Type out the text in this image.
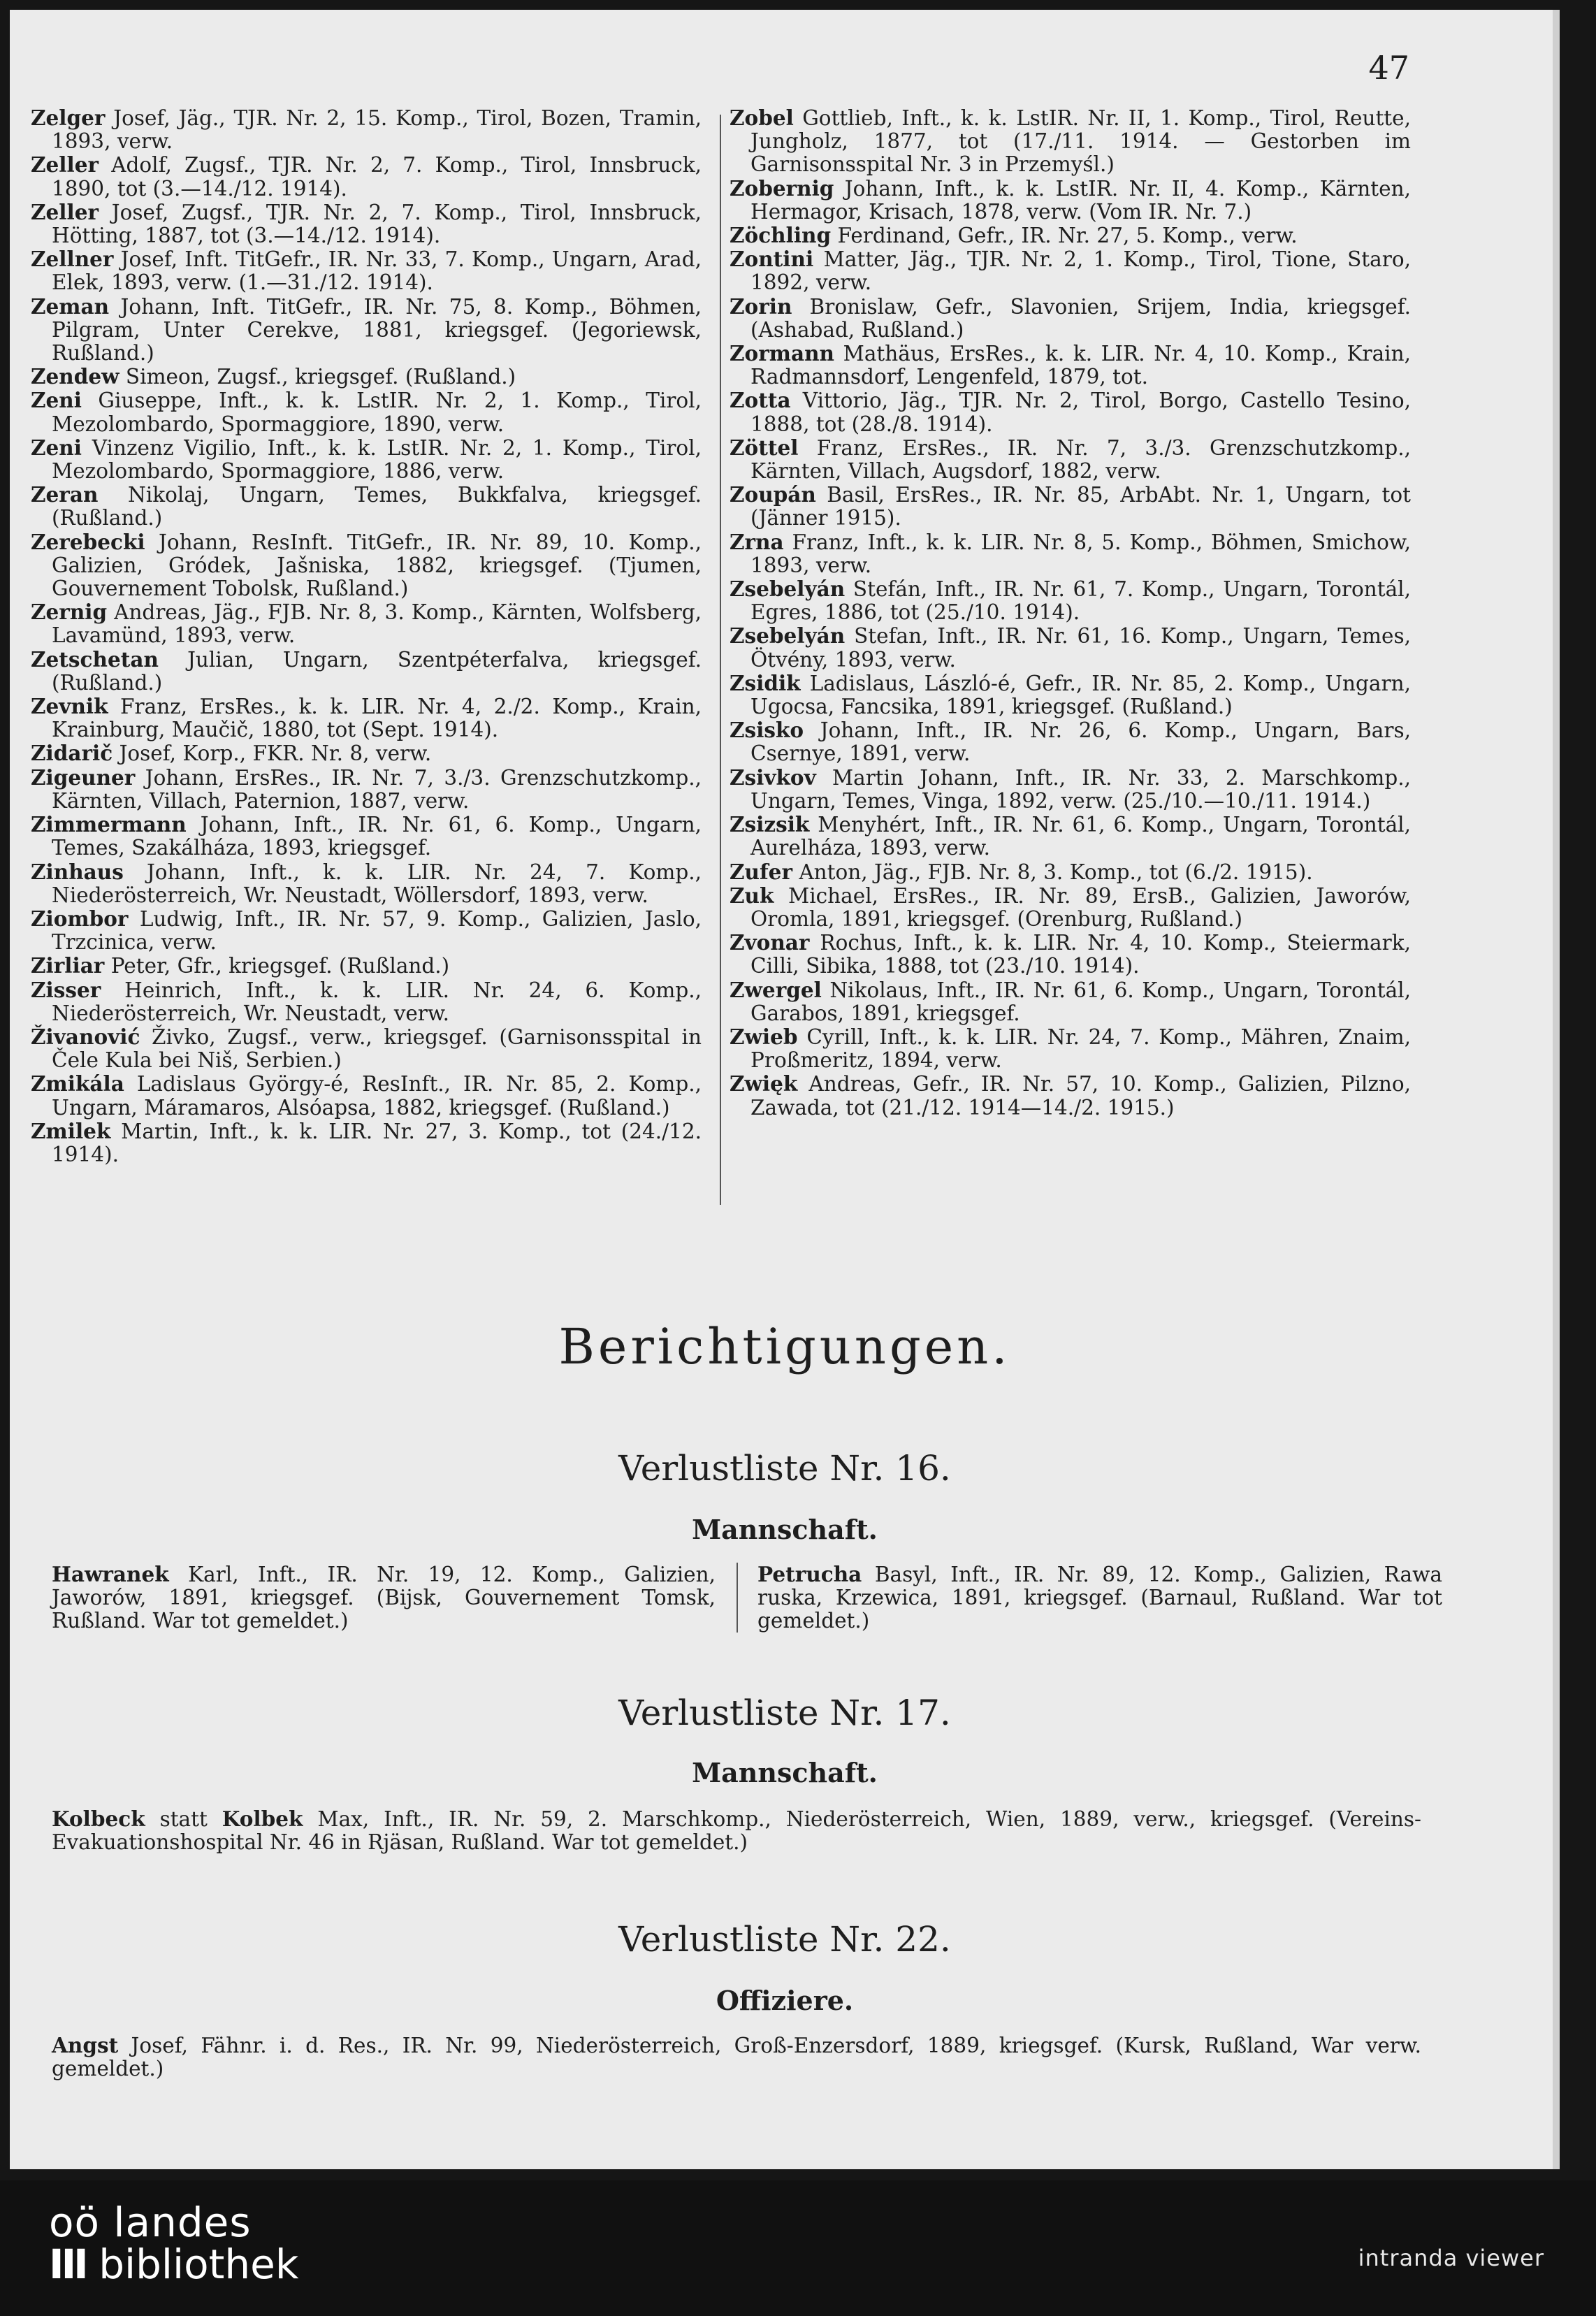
47

Zelger Josef, Jäg., TJR. Nr. 2, 15. Komp., Tirol, Bozen, Tramin, 1893, verw.

Zeller Adolf, Zugsf., TJR. Nr. 2, 7. Komp., Tirol, Innsbruck, 1890, tot (3.—14./12. 1914).

Zeller Josef, Zugsf., TJR. Nr. 2, 7. Komp., Tirol, Innsbruck, Hötting, 1887, tot (3.—14./12. 1914).

Zellner Josef, Inft. TitGefr., IR. Nr. 33, 7. Komp., Ungarn, Arad, Elek, 1893, verw. (1.—31./12. 1914).

Zeman Johann, Inft. TitGefr., IR. Nr. 75, 8. Komp., Böhmen, Pilgram, Unter Cerekve, 1881, kriegsgef. (Jegoriewsk, Rußland.)

Zendew Simeon, Zugsf., kriegsgef. (Rußland.)

Zeni Giuseppe, Inft., k. k. LstIR. Nr. 2, 1. Komp., Tirol, Mezolombardo, Spormaggiore, 1890, verw.

Zeni Vinzenz Vigilio, Inft., k. k. LstIR. Nr. 2, 1. Komp., Tirol, Mezolombardo, Spormaggiore, 1886, verw.

Zeran Nikolaj, Ungarn, Temes, Bukkfalva, kriegsgef. (Rußland.)

Zerebecki Johann, ResInft. TitGefr., IR. Nr. 89, 10. Komp., Galizien, Gródek, Jašniska, 1882, kriegsgef. (Tjumen, Gouvernement Tobolsk, Rußland.)

Zernig Andreas, Jäg., FJB. Nr. 8, 3. Komp., Kärnten, Wolfsberg, Lavamünd, 1893, verw.

Zetschetan Julian, Ungarn, Szentpéterfalva, kriegsgef. (Rußland.)

Zevnik Franz, ErsRes., k. k. LIR. Nr. 4, 2./2. Komp., Krain, Krainburg, Maučič, 1880, tot (Sept. 1914).

Zidarič Josef, Korp., FKR. Nr. 8, verw.

Zigeuner Johann, ErsRes., IR. Nr. 7, 3./3. Grenzschutzkomp., Kärnten, Villach, Paternion, 1887, verw.

Zimmermann Johann, Inft., IR. Nr. 61, 6. Komp., Ungarn, Temes, Szakálháza, 1893, kriegsgef.

Zinhaus Johann, Inft., k. k. LIR. Nr. 24, 7. Komp., Niederösterreich, Wr. Neustadt, Wöllersdorf, 1893, verw.

Ziombor Ludwig, Inft., IR. Nr. 57, 9. Komp., Galizien, Jaslo, Trzcinica, verw.

Zirliar Peter, Gfr., kriegsgef. (Rußland.)

Zisser Heinrich, Inft., k. k. LIR. Nr. 24, 6. Komp., Niederösterreich, Wr. Neustadt, verw.

Živanović Živko, Zugsf., verw., kriegsgef. (Garnisonsspital in Čele Kula bei Niš, Serbien.)

Zmikála Ladislaus György-é, ResInft., IR. Nr. 85, 2. Komp., Ungarn, Máramaros, Alsóapsa, 1882, kriegsgef. (Rußland.)

Zmilek Martin, Inft., k. k. LIR. Nr. 27, 3. Komp., tot (24./12. 1914).

Zobel Gottlieb, Inft., k. k. LstIR. Nr. II, 1. Komp., Tirol, Reutte, Jungholz, 1877, tot (17./11. 1914. — Gestorben im Garnisonsspital Nr. 3 in Przemyśl.)

Zobernig Johann, Inft., k. k. LstIR. Nr. II, 4. Komp., Kärnten, Hermagor, Krisach, 1878, verw. (Vom IR. Nr. 7.)

Zöchling Ferdinand, Gefr., IR. Nr. 27, 5. Komp., verw.

Zontini Matter, Jäg., TJR. Nr. 2, 1. Komp., Tirol, Tione, Staro, 1892, verw.

Zorin Bronislaw, Gefr., Slavonien, Srijem, India, kriegsgef. (Ashabad, Rußland.)

Zormann Mathäus, ErsRes., k. k. LIR. Nr. 4, 10. Komp., Krain, Radmannsdorf, Lengenfeld, 1879, tot.

Zotta Vittorio, Jäg., TJR. Nr. 2, Tirol, Borgo, Castello Tesino, 1888, tot (28./8. 1914).

Zöttel Franz, ErsRes., IR. Nr. 7, 3./3. Grenzschutzkomp., Kärnten, Villach, Augsdorf, 1882, verw.

Zoupán Basil, ErsRes., IR. Nr. 85, ArbAbt. Nr. 1, Ungarn, tot (Jänner 1915).

Zrna Franz, Inft., k. k. LIR. Nr. 8, 5. Komp., Böhmen, Smichow, 1893, verw.

Zsebelyán Stefán, Inft., IR. Nr. 61, 7. Komp., Ungarn, Torontál, Egres, 1886, tot (25./10. 1914).

Zsebelyán Stefan, Inft., IR. Nr. 61, 16. Komp., Ungarn, Temes, Ötvény, 1893, verw.

Zsidik Ladislaus, László-é, Gefr., IR. Nr. 85, 2. Komp., Ungarn, Ugocsa, Fancsika, 1891, kriegsgef. (Rußland.)

Zsisko Johann, Inft., IR. Nr. 26, 6. Komp., Ungarn, Bars, Csernye, 1891, verw.

Zsivkov Martin Johann, Inft., IR. Nr. 33, 2. Marschkomp., Ungarn, Temes, Vinga, 1892, verw. (25./10.—10./11. 1914.)

Zsizsik Menyhért, Inft., IR. Nr. 61, 6. Komp., Ungarn, Torontál, Aurelháza, 1893, verw.

Zufer Anton, Jäg., FJB. Nr. 8, 3. Komp., tot (6./2. 1915).

Zuk Michael, ErsRes., IR. Nr. 89, ErsB., Galizien, Jaworów, Oromla, 1891, kriegsgef. (Orenburg, Rußland.)

Zvonar Rochus, Inft., k. k. LIR. Nr. 4, 10. Komp., Steiermark, Cilli, Sibika, 1888, tot (23./10. 1914).

Zwergel Nikolaus, Inft., IR. Nr. 61, 6. Komp., Ungarn, Torontál, Garabos, 1891, kriegsgef.

Zwieb Cyrill, Inft., k. k. LIR. Nr. 24, 7. Komp., Mähren, Znaim, Proßmeritz, 1894, verw.

Zwięk Andreas, Gefr., IR. Nr. 57, 10. Komp., Galizien, Pilzno, Zawada, tot (21./12. 1914—14./2. 1915.)

Berichtigungen.
Verlustliste Nr. 16.
Mannschaft.
Hawranek Karl, Inft., IR. Nr. 19, 12. Komp., Galizien, Jaworów, 1891, kriegsgef. (Bijsk, Gouvernement Tomsk, Rußland. War tot gemeldet.)
Petrucha Basyl, Inft., IR. Nr. 89, 12. Komp., Galizien, Rawa ruska, Krzewica, 1891, kriegsgef. (Barnaul, Rußland. War tot gemeldet.)
Verlustliste Nr. 17.
Mannschaft.
Kolbeck statt Kolbek Max, Inft., IR. Nr. 59, 2. Marschkomp., Niederösterreich, Wien, 1889, verw., kriegsgef. (Vereins-Evakuationshospital Nr. 46 in Rjäsan, Rußland. War tot gemeldet.)
Verlustliste Nr. 22.
Offiziere.
Angst Josef, Fähnr. i. d. Res., IR. Nr. 99, Niederösterreich, Groß-Enzersdorf, 1889, kriegsgef. (Kursk, Rußland, War verw. gemeldet.)
oö landes
III bibliothek	intranda viewer
